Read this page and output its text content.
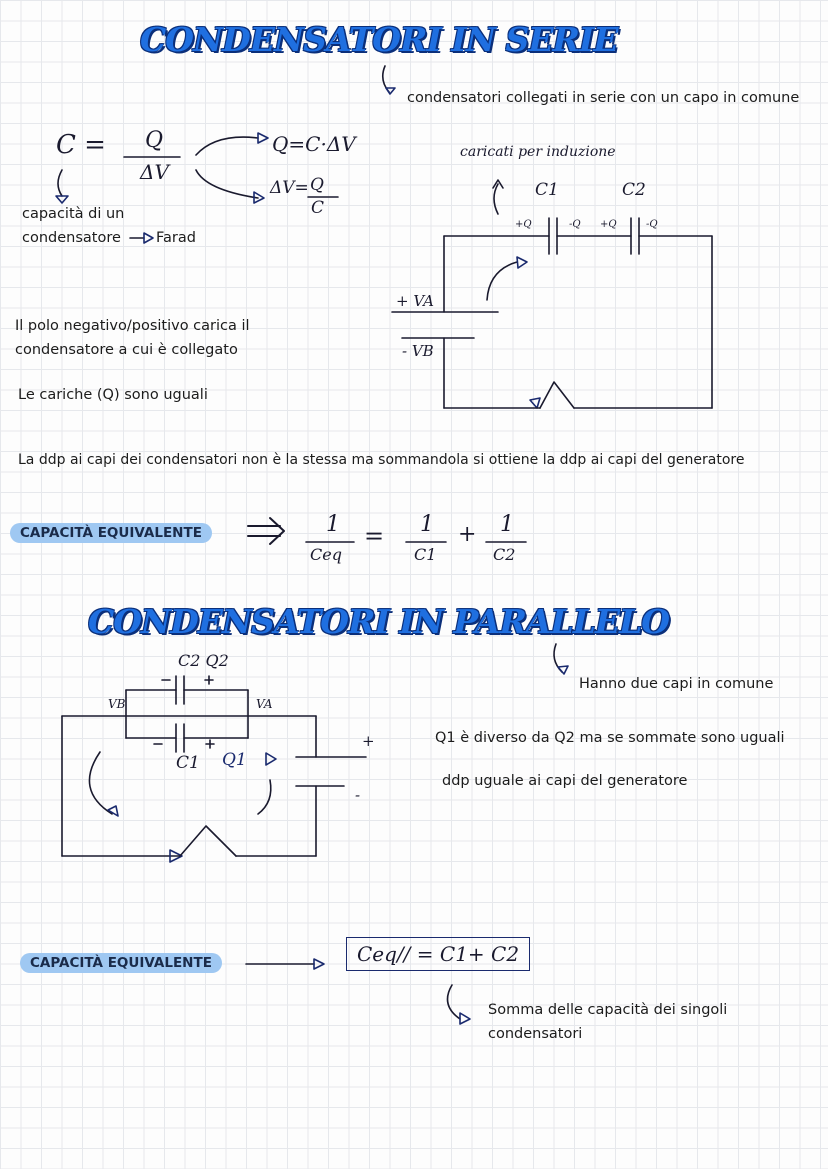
CONDENSATORI IN SERIE
condensatori collegati in serie con un capo in comune
C = Q
ΔV
Q=C·ΔV
ΔV= Q
C
capacità di un
condensatore Farad
caricati per induzione
C1	C2
+Q	-Q +Q	-Q
+ VA
- VB
Il polo negativo/positivo carica il
condensatore a cui è collegato
Le cariche (Q) sono uguali
La ddp ai capi dei condensatori non è la stessa ma sommandola si ottiene la ddp ai capi del generatore
CAPACITÀ EQUIVALENTE	1
Ceq
= 1
C1
+ 1
C2
CONDENSATORI IN PARALLELO
Hanno due capi in comune
Q1 è diverso da Q2 ma se sommate sono uguali
ddp uguale ai capi del generatore
C2 Q2
C1 Q1
VB	VA
+
-
CAPACITÀ EQUIVALENTE	Ceq// = C1+ C2
Somma delle capacità dei singoli
condensatori
